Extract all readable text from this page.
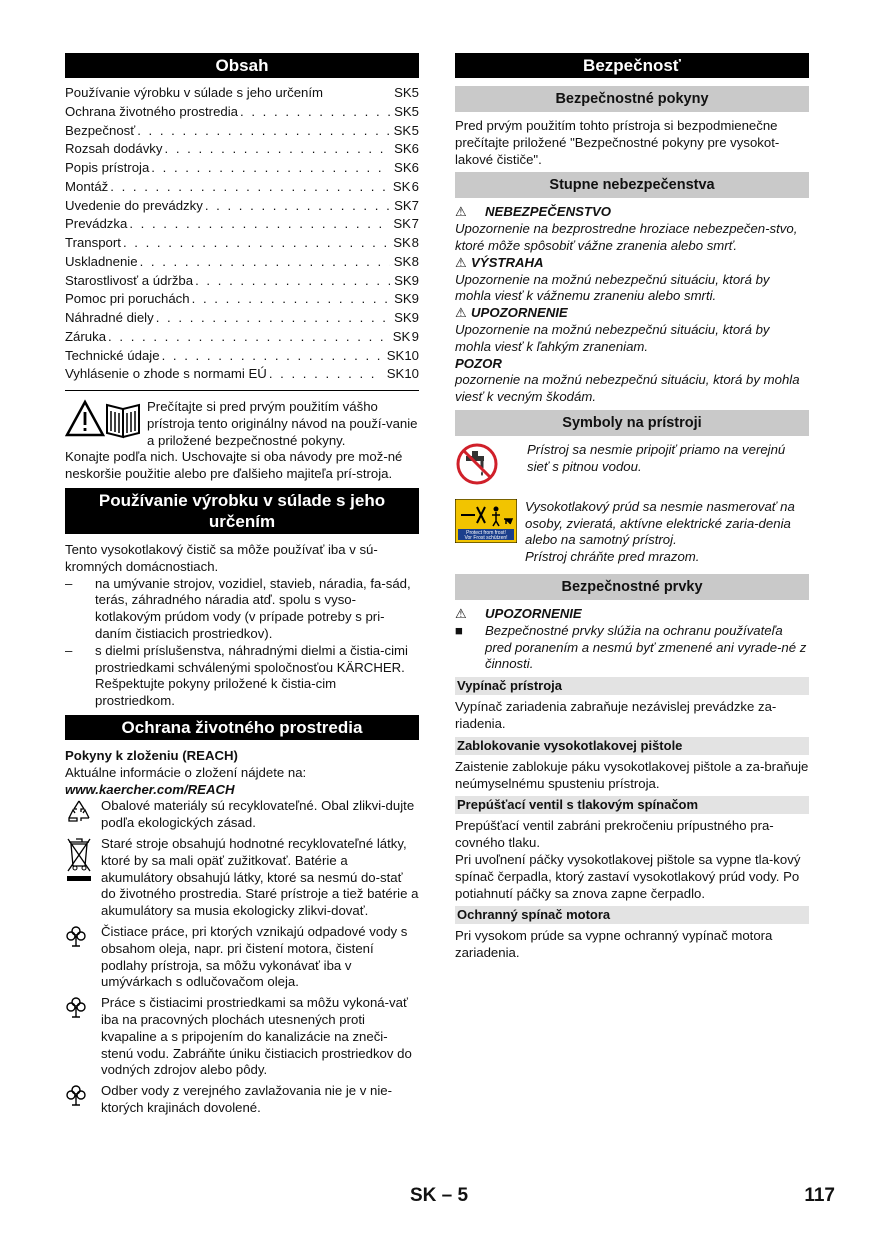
Obsah
Používanie výrobku v súlade s jeho určením	SK 5
Ochrana životného prostredia . . .	SK 5
Bezpečnosť . . .	SK 5
Rozsah dodávky . . .	SK 6
Popis prístroja . . .	SK 6
Montáž . . .	SK 6
Uvedenie do prevádzky . . .	SK 7
Prevádzka . . .	SK 7
Transport . . .	SK 8
Uskladnenie . . .	SK 8
Starostlivosť a údržba . . .	SK 9
Pomoc pri poruchách . . .	SK 9
Náhradné diely . . .	SK 9
Záruka . . .	SK 9
Technické údaje . . .	SK 10
Vyhlásenie o zhode s normami EÚ . . .	SK 10

Prečítajte si pred prvým použitím vášho prístroja tento originálny návod na použí-vanie a priložené bezpečnostné pokyny.

Konajte podľa nich. Uschovajte si oba návody pre mož-né neskoršie použitie alebo pre ďalšieho majiteľa prí-stroja.

Používanie výrobku v súlade s jeho určením

Tento vysokotlakový čistič sa môže používať iba v sú-kromných domácnostiach.

–	na umývanie strojov, vozidiel, stavieb, náradia, fa-sád, terás, záhradného náradia atď. spolu s vyso-kotlakovým prúdom vody (v prípade potreby s pri-daním čistiacich prostriedkov).

–	s dielmi príslušenstva, náhradnými dielmi a čistia-cimi prostriedkami schválenými spoločnosťou KÄRCHER. Rešpektujte pokyny priložené k čistia-cim prostriedkom.

Ochrana životného prostredia

Pokyny k zloženiu (REACH)

Aktuálne informácie o zložení nájdete na:

www.kaercher.com/REACH

Obalové materiály sú recyklovateľné. Obal zlikvi-dujte podľa ekologických zásad.

Staré stroje obsahujú hodnotné recyklovateľné látky, ktoré by sa mali opäť zužitkovať. Batérie a akumulátory obsahujú látky, ktoré sa nesmú do-stať do životného prostredia. Staré prístroje a tiež batérie a akumulátory sa musia ekologicky zlikvi-dovať.

Čistiace práce, pri ktorých vznikajú odpadové vody s obsahom oleja, napr. pri čistení motora, čistení podlahy prístroja, sa môžu vykonávať iba v umývárkach s odlučovačom oleja.

Práce s čistiacimi prostriedkami sa môžu vykoná-vať iba na pracovných plochách utesnených proti kvapaline a s pripojením do kanalizácie na zneči-stenú vodu. Zabráňte úniku čistiacich prostriedkov do vodných zdrojov alebo pôdy.

Odber vody z verejného zavlažovania nie je v nie-ktorých krajinách dovolené.

Bezpečnosť
Bezpečnostné pokyny

Pred prvým použitím tohto prístroja si bezpodmienečne prečítajte priložené "Bezpečnostné pokyny pre vysokot-lakové čističe".

Stupne nebezpečenstva

⚠ NEBEZPEČENSTVO

Upozornenie na bezprostredne hroziace nebezpečen-stvo, ktoré môže spôsobiť vážne zranenia alebo smrť.

⚠ VÝSTRAHA

Upozornenie na možnú nebezpečnú situáciu, ktorá by mohla viesť k vážnemu zraneniu alebo smrti.

⚠ UPOZORNENIE

Upozornenie na možnú nebezpečnú situáciu, ktorá by mohla viesť k ľahkým zraneniam.

POZOR

pozornenie na možnú nebezpečnú situáciu, ktorá by mohla viesť k vecným škodám.

Symboly na prístroji

Prístroj sa nesmie pripojiť priamo na verejnú sieť s pitnou vodou.

Protect from frost!
Vor Frost schützen!

Vysokotlakový prúd sa nesmie nasmerovať na osoby, zvieratá, aktívne elektrické zaria-denia alebo na samotný prístroj.

Prístroj chráňte pred mrazom.

Bezpečnostné prvky

⚠ UPOZORNENIE

■	Bezpečnostné prvky slúžia na ochranu používateľa pred poranením a nesmú byť zmenené ani vyrade-né z činnosti.

Vypínač prístroja

Vypínač zariadenia zabraňuje nezávislej prevádzke za-riadenia.

Zablokovanie vysokotlakovej pištole

Zaistenie zablokuje páku vysokotlakovej pištole a za-braňuje neúmyselnému spusteniu prístroja.

Prepúšťací ventil s tlakovým spínačom

Prepúšťací ventil zabráni prekročeniu prípustného pra-covného tlaku.

Pri uvoľnení páčky vysokotlakovej pištole sa vypne tla-kový spínač čerpadla, ktorý zastaví vysokotlakový prúd vody. Po potiahnutí páčky sa znova zapne čerpadlo.

Ochranný spínač motora

Pri vysokom prúde sa vypne ochranný vypínač motora zariadenia.

SK – 5	117
